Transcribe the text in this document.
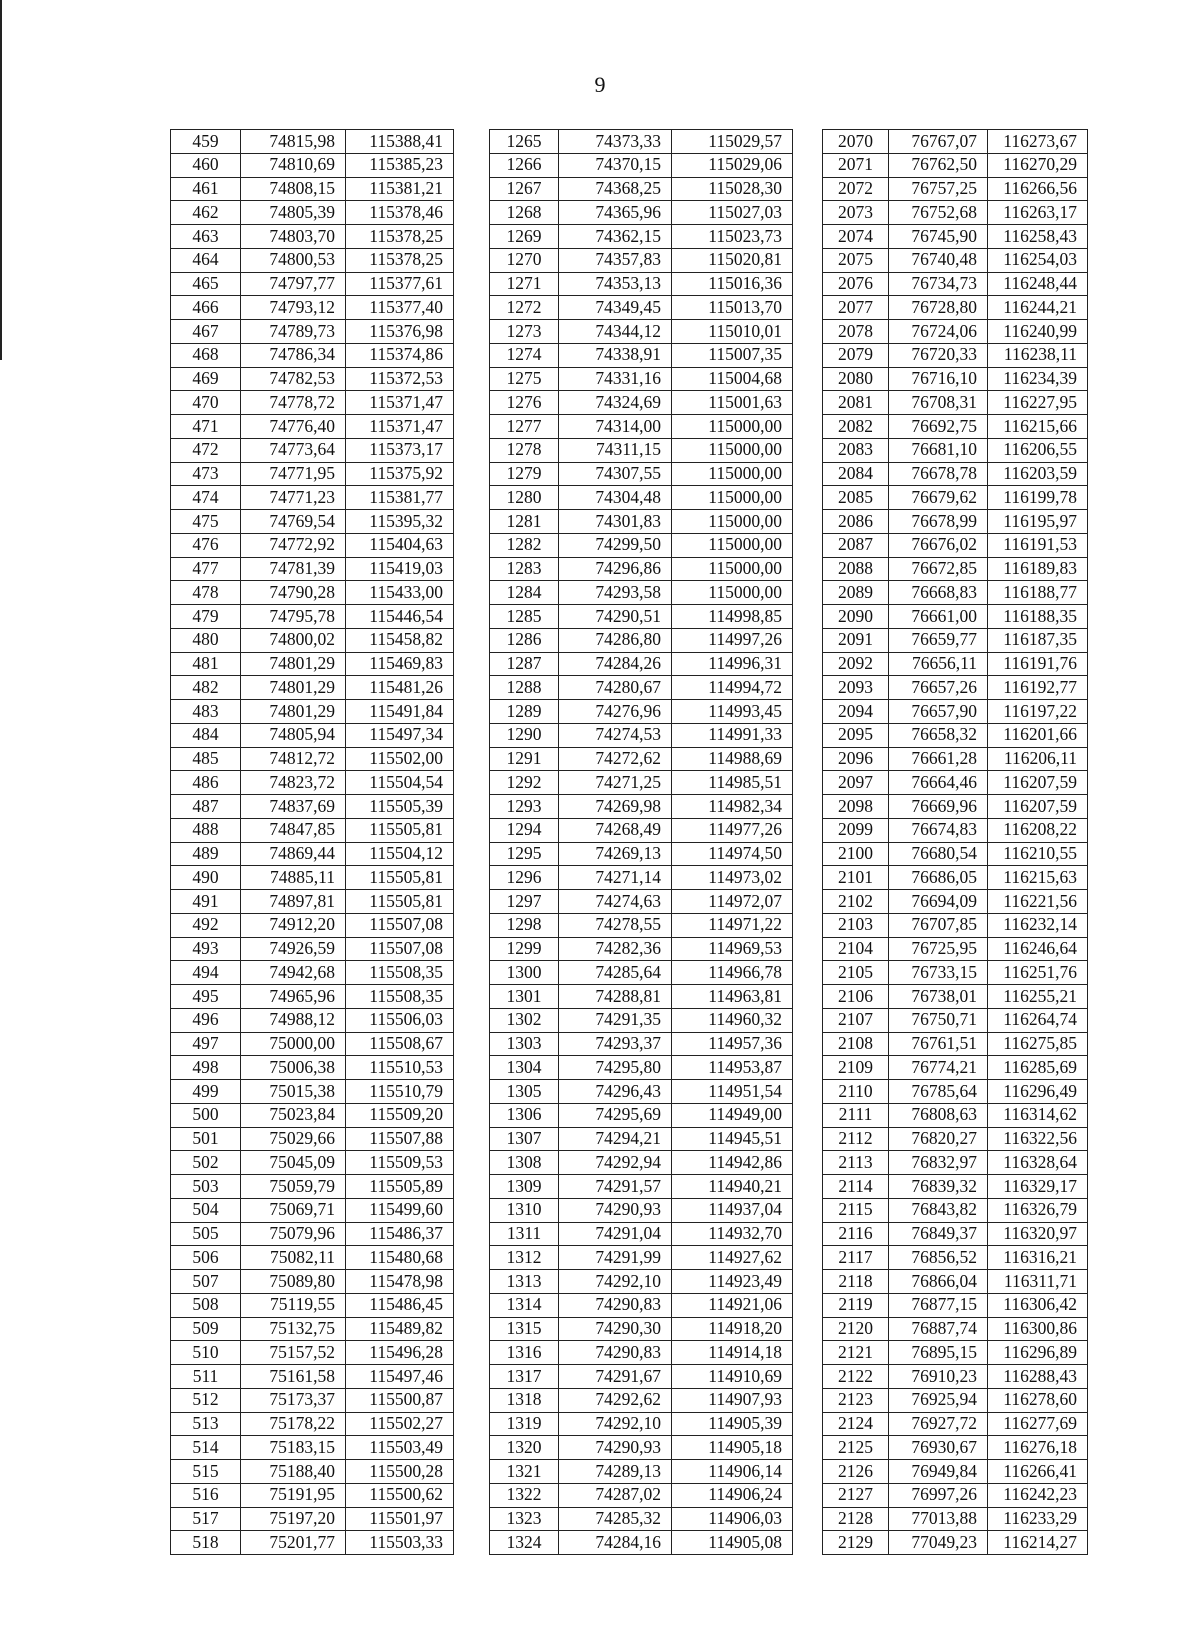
9
459	74815,98	115388,41		1265	74373,33	115029,57		2070	76767,07	116273,67
460	74810,69	115385,23		1266	74370,15	115029,06		2071	76762,50	116270,29
461	74808,15	115381,21		1267	74368,25	115028,30		2072	76757,25	116266,56
462	74805,39	115378,46		1268	74365,96	115027,03		2073	76752,68	116263,17
463	74803,70	115378,25		1269	74362,15	115023,73		2074	76745,90	116258,43
464	74800,53	115378,25		1270	74357,83	115020,81		2075	76740,48	116254,03
465	74797,77	115377,61		1271	74353,13	115016,36		2076	76734,73	116248,44
466	74793,12	115377,40		1272	74349,45	115013,70		2077	76728,80	116244,21
467	74789,73	115376,98		1273	74344,12	115010,01		2078	76724,06	116240,99
468	74786,34	115374,86		1274	74338,91	115007,35		2079	76720,33	116238,11
469	74782,53	115372,53		1275	74331,16	115004,68		2080	76716,10	116234,39
470	74778,72	115371,47		1276	74324,69	115001,63		2081	76708,31	116227,95
471	74776,40	115371,47		1277	74314,00	115000,00		2082	76692,75	116215,66
472	74773,64	115373,17		1278	74311,15	115000,00		2083	76681,10	116206,55
473	74771,95	115375,92		1279	74307,55	115000,00		2084	76678,78	116203,59
474	74771,23	115381,77		1280	74304,48	115000,00		2085	76679,62	116199,78
475	74769,54	115395,32		1281	74301,83	115000,00		2086	76678,99	116195,97
476	74772,92	115404,63		1282	74299,50	115000,00		2087	76676,02	116191,53
477	74781,39	115419,03		1283	74296,86	115000,00		2088	76672,85	116189,83
478	74790,28	115433,00		1284	74293,58	115000,00		2089	76668,83	116188,77
479	74795,78	115446,54		1285	74290,51	114998,85		2090	76661,00	116188,35
480	74800,02	115458,82		1286	74286,80	114997,26		2091	76659,77	116187,35
481	74801,29	115469,83		1287	74284,26	114996,31		2092	76656,11	116191,76
482	74801,29	115481,26		1288	74280,67	114994,72		2093	76657,26	116192,77
483	74801,29	115491,84		1289	74276,96	114993,45		2094	76657,90	116197,22
484	74805,94	115497,34		1290	74274,53	114991,33		2095	76658,32	116201,66
485	74812,72	115502,00		1291	74272,62	114988,69		2096	76661,28	116206,11
486	74823,72	115504,54		1292	74271,25	114985,51		2097	76664,46	116207,59
487	74837,69	115505,39		1293	74269,98	114982,34		2098	76669,96	116207,59
488	74847,85	115505,81		1294	74268,49	114977,26		2099	76674,83	116208,22
489	74869,44	115504,12		1295	74269,13	114974,50		2100	76680,54	116210,55
490	74885,11	115505,81		1296	74271,14	114973,02		2101	76686,05	116215,63
491	74897,81	115505,81		1297	74274,63	114972,07		2102	76694,09	116221,56
492	74912,20	115507,08		1298	74278,55	114971,22		2103	76707,85	116232,14
493	74926,59	115507,08		1299	74282,36	114969,53		2104	76725,95	116246,64
494	74942,68	115508,35		1300	74285,64	114966,78		2105	76733,15	116251,76
495	74965,96	115508,35		1301	74288,81	114963,81		2106	76738,01	116255,21
496	74988,12	115506,03		1302	74291,35	114960,32		2107	76750,71	116264,74
497	75000,00	115508,67		1303	74293,37	114957,36		2108	76761,51	116275,85
498	75006,38	115510,53		1304	74295,80	114953,87		2109	76774,21	116285,69
499	75015,38	115510,79		1305	74296,43	114951,54		2110	76785,64	116296,49
500	75023,84	115509,20		1306	74295,69	114949,00		2111	76808,63	116314,62
501	75029,66	115507,88		1307	74294,21	114945,51		2112	76820,27	116322,56
502	75045,09	115509,53		1308	74292,94	114942,86		2113	76832,97	116328,64
503	75059,79	115505,89		1309	74291,57	114940,21		2114	76839,32	116329,17
504	75069,71	115499,60		1310	74290,93	114937,04		2115	76843,82	116326,79
505	75079,96	115486,37		1311	74291,04	114932,70		2116	76849,37	116320,97
506	75082,11	115480,68		1312	74291,99	114927,62		2117	76856,52	116316,21
507	75089,80	115478,98		1313	74292,10	114923,49		2118	76866,04	116311,71
508	75119,55	115486,45		1314	74290,83	114921,06		2119	76877,15	116306,42
509	75132,75	115489,82		1315	74290,30	114918,20		2120	76887,74	116300,86
510	75157,52	115496,28		1316	74290,83	114914,18		2121	76895,15	116296,89
511	75161,58	115497,46		1317	74291,67	114910,69		2122	76910,23	116288,43
512	75173,37	115500,87		1318	74292,62	114907,93		2123	76925,94	116278,60
513	75178,22	115502,27		1319	74292,10	114905,39		2124	76927,72	116277,69
514	75183,15	115503,49		1320	74290,93	114905,18		2125	76930,67	116276,18
515	75188,40	115500,28		1321	74289,13	114906,14		2126	76949,84	116266,41
516	75191,95	115500,62		1322	74287,02	114906,24		2127	76997,26	116242,23
517	75197,20	115501,97		1323	74285,32	114906,03		2128	77013,88	116233,29
518	75201,77	115503,33		1324	74284,16	114905,08		2129	77049,23	116214,27
